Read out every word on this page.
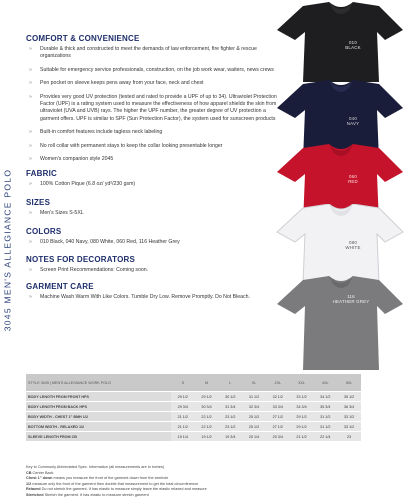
3045 MEN'S ALLEGIANCE POLO
COMFORT & CONVENIENCE
» Durable & thick and constructed to meet the demands of law enforcement, fire fighter & rescue organizations
» Suitable for emergency service professionals, construction, on the job work wear, waiters, news crews
» Pen pocket on sleeve keeps pens away from your face, neck and chest
» Provides very good UV protection (tested and rated to provide a UPF of up to 34). Ultraviolet Protection Factor (UPF) is a rating system used to measure the effectiveness of how apparel shields the skin from ultraviolet (UVA and UVB) rays. The higher the UPF number, the greater degree of UV protection a garment offers. UPF is similar to SPF (Sun Protection Factor), the system used for sunscreen products
» Built-in comfort features include tagless neck labeling
» No roll collar with permanent stays to keep the collar looking presentable longer
» Women's companion style 2045
FABRIC
» 100% Cotton Pique (6.8 oz/ yd²/230 gsm)
SIZES
» Men's Sizes S-5XL
COLORS
» 010 Black, 040 Navy, 080 White, 060 Red, 116 Heather Grey
NOTES FOR DECORATORS
» Screen Print Recommendations: Coming soon.
GARMENT CARE
» Machine Wash Warm With Like Colors. Tumble Dry Low. Remove Promptly. Do Not Bleach.
010
BLACK
040
NAVY
060
RED
080
WHITE
116
HEATHER GREY
STYLE 3045 | MEN'S ALLEGIANCE WORK POLO	S	M	L	XL	2XL	3XL	4XL	5XL
BODY LENGTH FROM FRONT HPS	29 1/2	29 1/2	30 1/2	31 1/2	32 1/2	33 1/2	34 1/2	35 1/2
BODY LENGTH FROM BACK HPS	29 3/4	30 3/4	31 3/4	32 3/4	33 3/4	34 3/4	35 3/4	36 3/4
BODY WIDTH - CHEST 1" BMH 1/2	21 1/2	22 1/2	23 1/2	25 1/2	27 1/2	29 1/2	31 1/2	33 1/2
BOTTOM WIDTH - RELAXED 1/2	21 1/2	22 1/2	23 1/2	25 1/2	27 1/2	29 1/2	31 1/2	33 1/2
SLEEVE LENGTH FROM CB	19 1/4	19 1/2	19 3/4	20 1/4	20 3/4	21 1/2	22 1/4	23
Key to Commonly Abbreviated Spec. Information (all measurements are in inches)
CB Center Back
Chest 1" down means you measure the front of the garment down from the armhole
1/2 measure only the front of the garment then double that measurement to get the total circumference
Relaxed Do not stretch the garment. It has elastic to measure simply leave the elastic relaxed and measure
Stretched Stretch the garment. It has elastic to measure stretch garment
